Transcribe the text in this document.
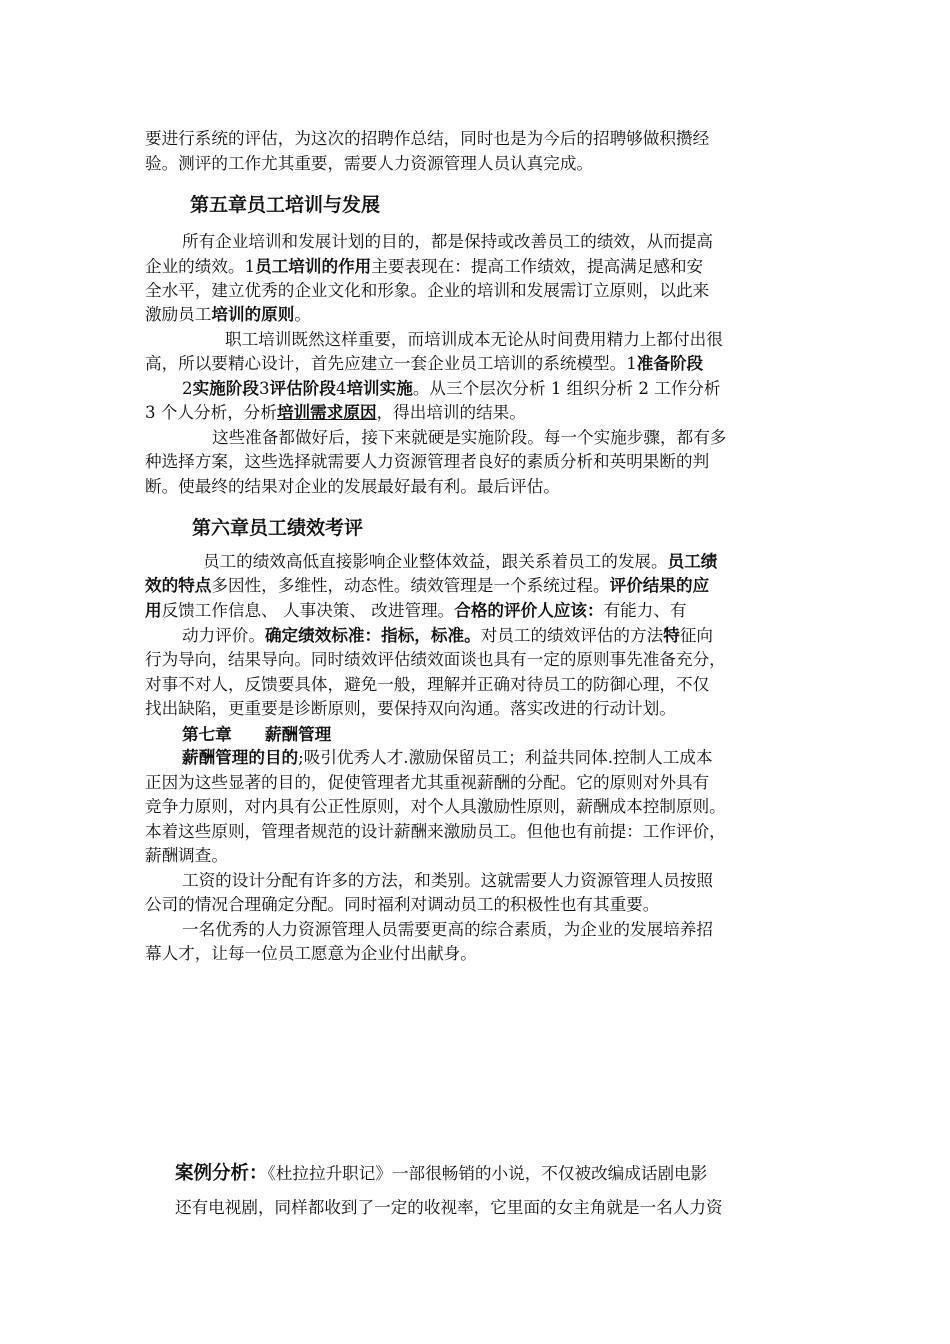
要进行系统的评估，为这次的招聘作总结，同时也是为今后的招聘够做积攒经
验。测评的工作尤其重要，需要人力资源管理人员认真完成。
第五章员工培训与发展
所有企业培训和发展计划的目的，都是保持或改善员工的绩效，从而提高
企业的绩效。1员工培训的作用主要表现在：提高工作绩效，提高满足感和安
全水平，建立优秀的企业文化和形象。企业的培训和发展需订立原则，以此来
激励员工培训的原则。
职工培训既然这样重要，而培训成本无论从时间费用精力上都付出很
高，所以要精心设计，首先应建立一套企业员工培训的系统模型。1准备阶段
2实施阶段3评估阶段4培训实施。从三个层次分析 1 组织分析 2 工作分析
3 个人分析，分析培训需求原因，得出培训的结果。
这些准备都做好后，接下来就硬是实施阶段。每一个实施步骤，都有多
种选择方案，这些选择就需要人力资源管理者良好的素质分析和英明果断的判
断。使最终的结果对企业的发展最好最有利。最后评估。
第六章员工绩效考评
员工的绩效高低直接影响企业整体效益，跟关系着员工的发展。员工绩
效的特点多因性，多维性，动态性。绩效管理是一个系统过程。评价结果的应
用反馈工作信息、 人事决策、 改进管理。合格的评价人应该：有能力、有
动力评价。确定绩效标准：指标，标准。对员工的绩效评估的方法特征向
行为导向，结果导向。同时绩效评估绩效面谈也具有一定的原则事先准备充分，
对事不对人，反馈要具体，避免一般，理解并正确对待员工的防御心理，不仅
找出缺陷，更重要是诊断原则，要保持双向沟通。落实改进的行动计划。
第七章　　薪酬管理
薪酬管理的目的;吸引优秀人才.激励保留员工；利益共同体.控制人工成本
正因为这些显著的目的，促使管理者尤其重视薪酬的分配。它的原则对外具有
竞争力原则，对内具有公正性原则，对个人具激励性原则，薪酬成本控制原则。
本着这些原则，管理者规范的设计薪酬来激励员工。但他也有前提：工作评价，
薪酬调查。
工资的设计分配有许多的方法，和类别。这就需要人力资源管理人员按照
公司的情况合理确定分配。同时福利对调动员工的积极性也有其重要。
一名优秀的人力资源管理人员需要更高的综合素质，为企业的发展培养招
幕人才，让每一位员工愿意为企业付出献身。
案例分析：《杜拉拉升职记》一部很畅销的小说，不仅被改编成话剧电影
还有电视剧，同样都收到了一定的收视率，它里面的女主角就是一名人力资
